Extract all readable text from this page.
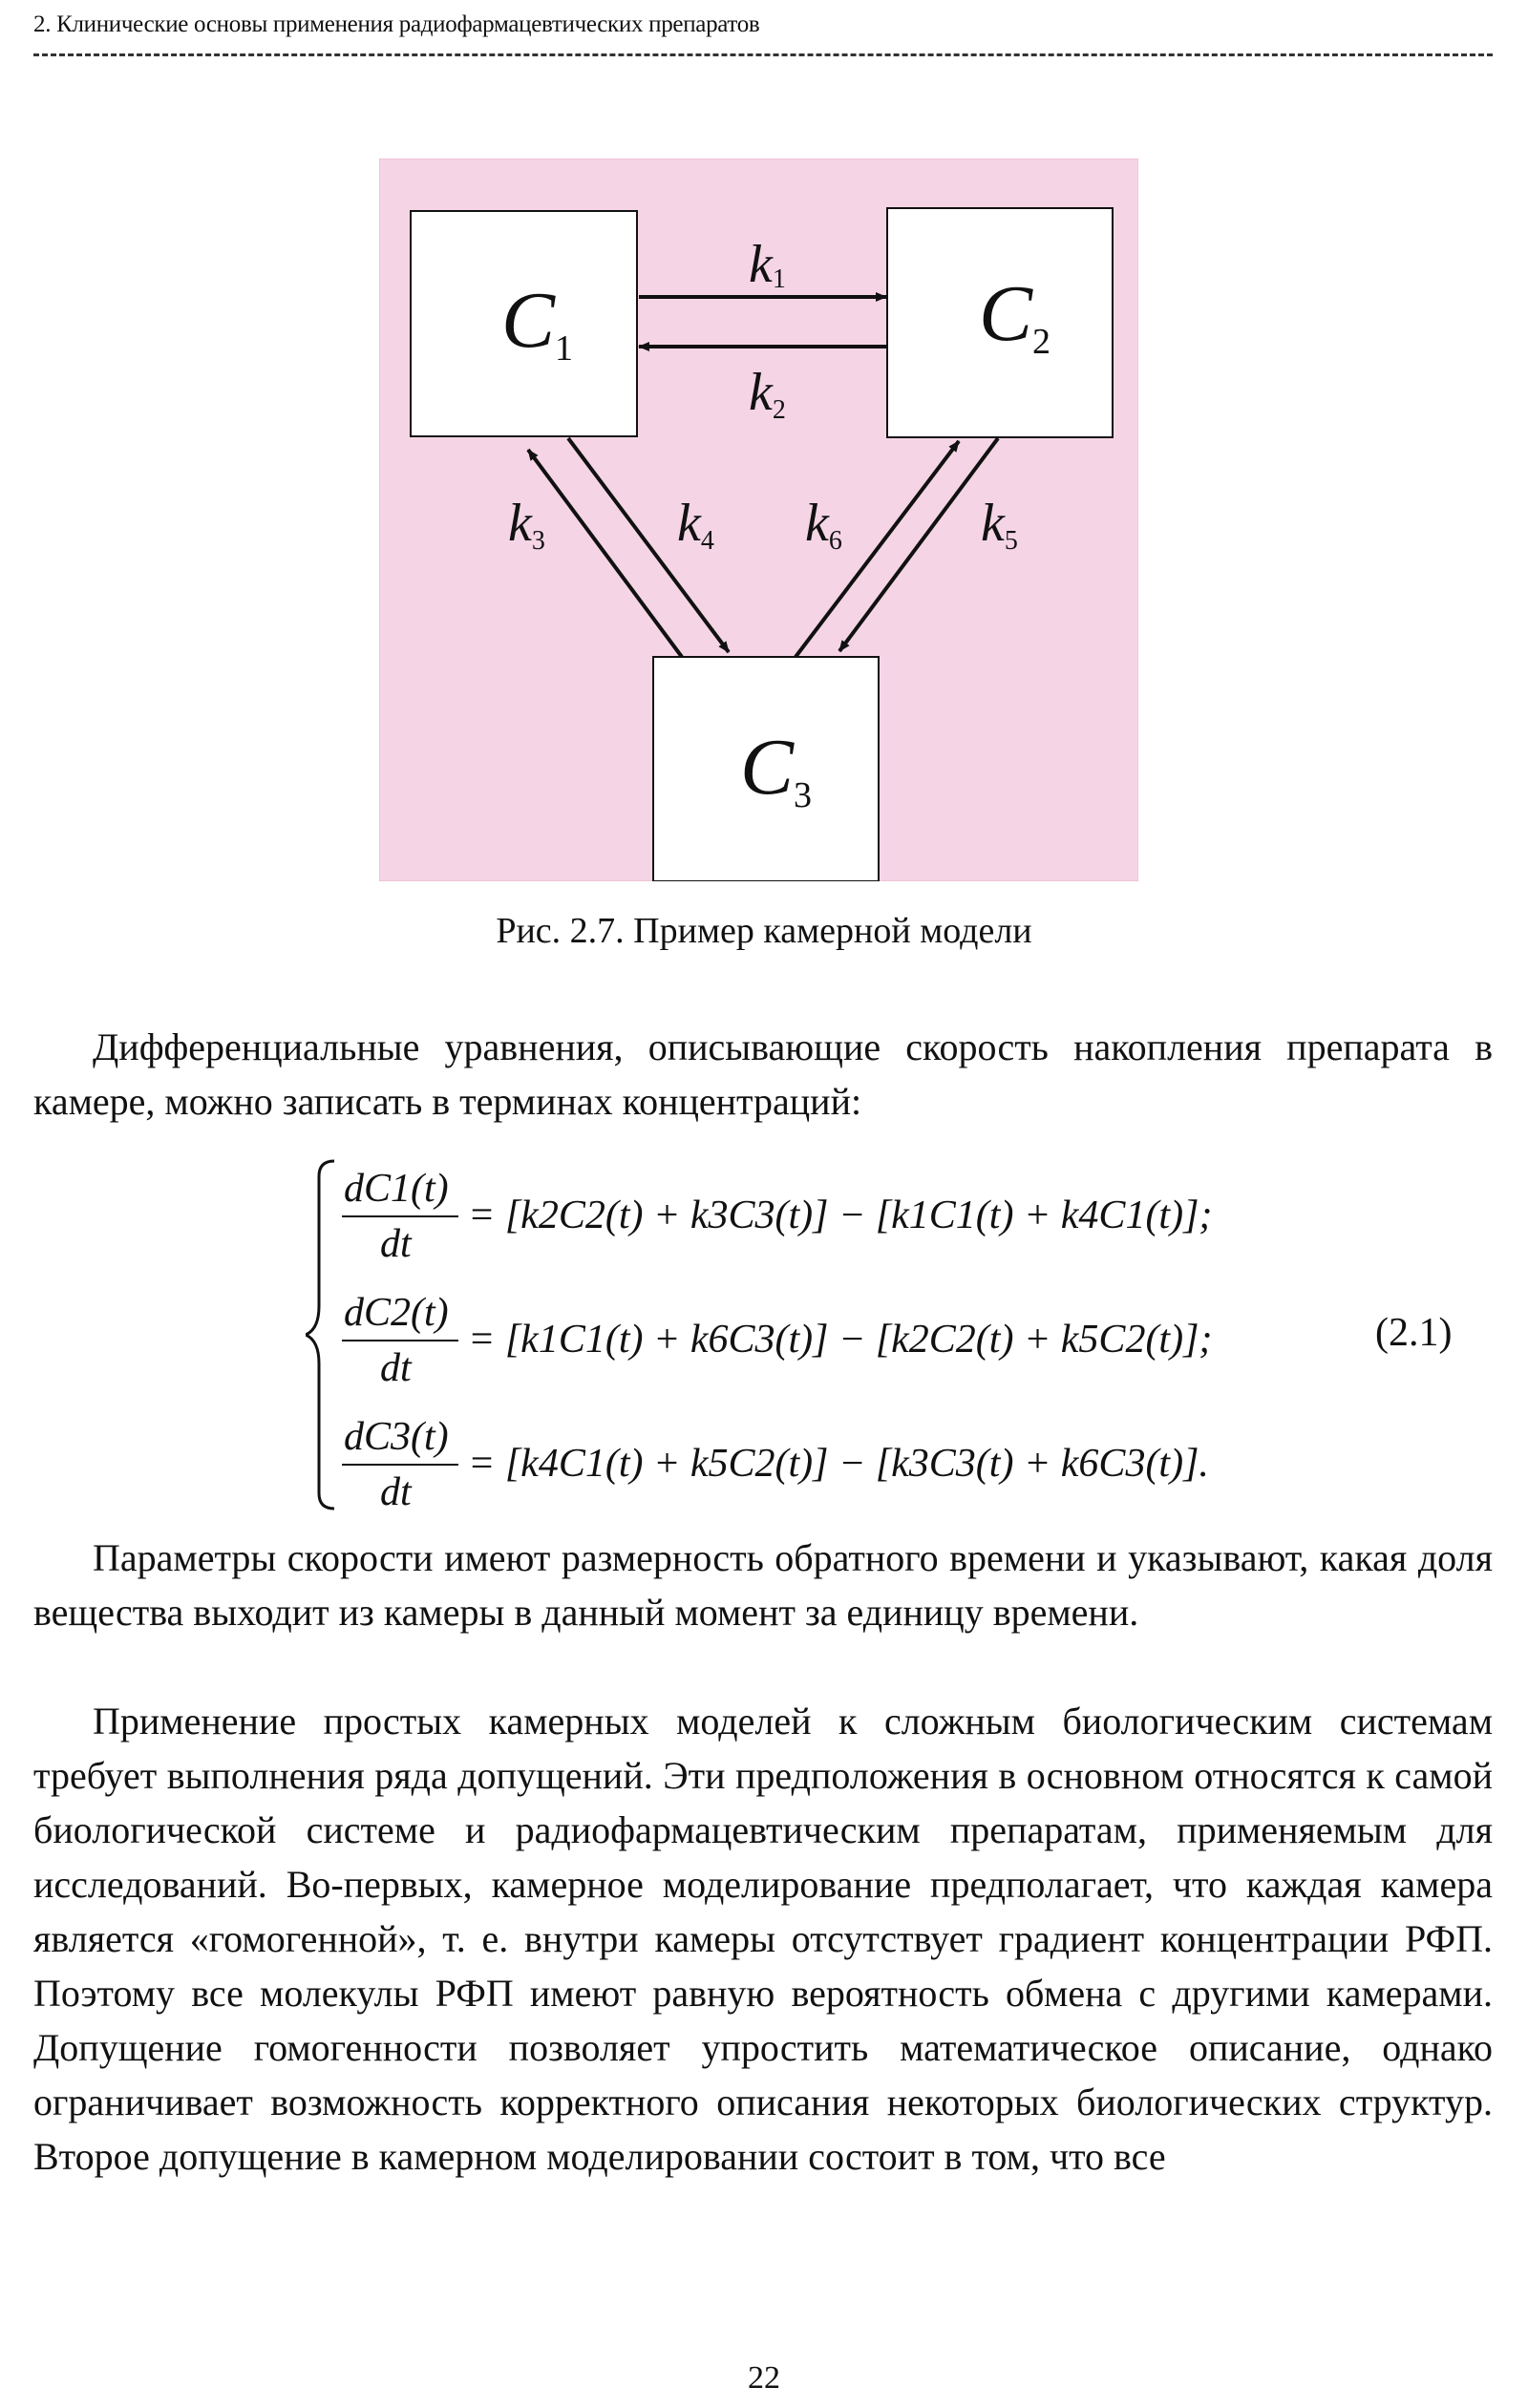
2. Клинические основы применения радиофармацевтических препаратов
C1	C2
C3
k1
k2
k3 k4 k6	k5
Рис. 2.7. Пример камерной модели

Дифференциальные уравнения, описывающие скорость накопления препарата в камере, можно записать в терминах концентраций:

dC1(t)
dt
= [k2C2(t) + k3C3(t)] − [k1C1(t) + k4C1(t)];
dC2(t)
dt
= [k1C1(t) + k6C3(t)] − [k2C2(t) + k5C2(t)];
dC3(t)
dt
= [k4C1(t) + k5C2(t)] − [k3C3(t) + k6C3(t)].
(2.1)

Параметры скорости имеют размерность обратного времени и указывают, какая доля вещества выходит из камеры в данный момент за единицу времени.

Применение простых камерных моделей к сложным биологическим системам требует выполнения ряда допущений. Эти предположения в основном относятся к самой биологической системе и радиофармацевтическим препаратам, применяемым для исследований. Во-первых, камерное моделирование предполагает, что каждая камера является «гомогенной», т. е. внутри камеры отсутствует градиент концентрации РФП. Поэтому все молекулы РФП имеют равную вероятность обмена с другими камерами. Допущение гомогенности позволяет упростить математическое описание, однако ограничивает возможность корректного описания некоторых биологических структур. Второе допущение в камерном моделировании состоит в том, что все

22
